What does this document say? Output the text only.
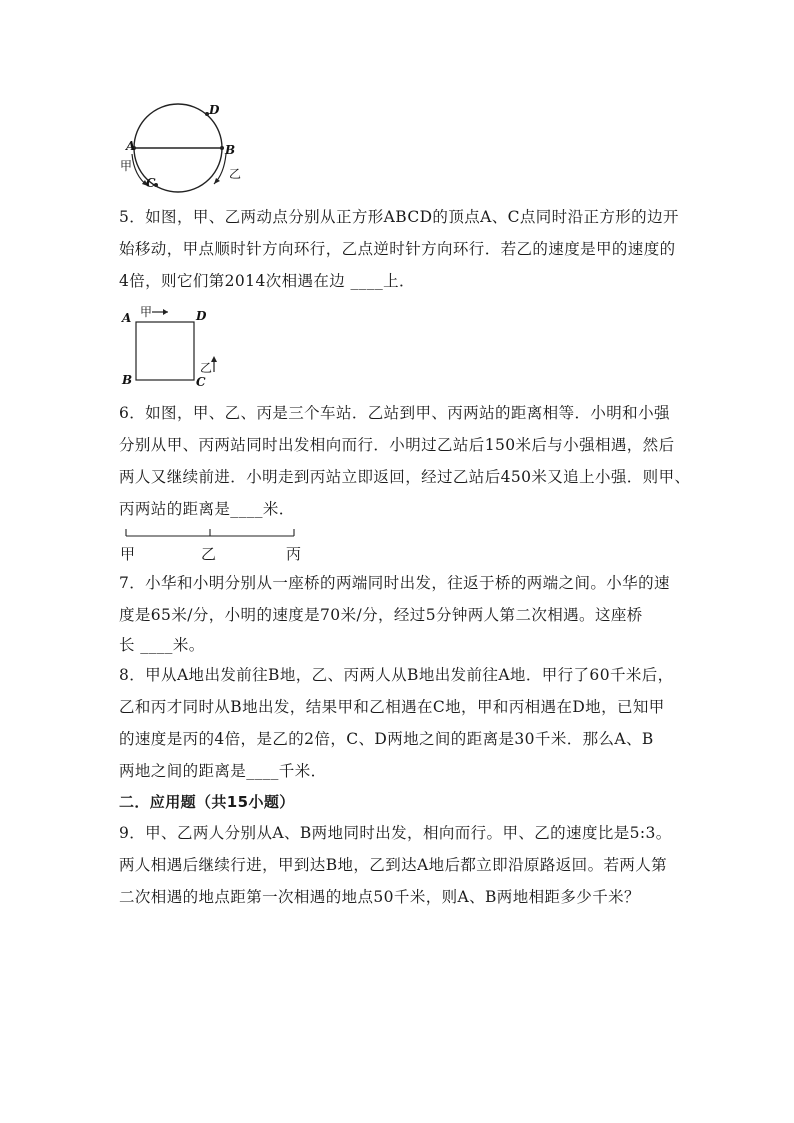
A	B
C
D
甲
乙
5．如图，甲、乙两动点分别从正方形ABCD的顶点A、C点同时沿正方形的边开
始移动，甲点顺时针方向环行，乙点逆时针方向环行．若乙的速度是甲的速度的
4倍，则它们第2014次相遇在边 ____上．
A	D
B	C
甲
乙
6．如图，甲、乙、丙是三个车站．乙站到甲、丙两站的距离相等．小明和小强
分别从甲、丙两站同时出发相向而行．小明过乙站后150米后与小强相遇，然后
两人又继续前进．小明走到丙站立即返回，经过乙站后450米又追上小强．则甲、
丙两站的距离是____米．
甲	乙	丙
7．小华和小明分别从一座桥的两端同时出发，往返于桥的两端之间。小华的速
度是65米/分，小明的速度是70米/分，经过5分钟两人第二次相遇。这座桥
长 ____米。
8．甲从A地出发前往B地，乙、丙两人从B地出发前往A地．甲行了60千米后，
乙和丙才同时从B地出发，结果甲和乙相遇在C地，甲和丙相遇在D地，已知甲
的速度是丙的4倍，是乙的2倍，C、D两地之间的距离是30千米．那么A、B
两地之间的距离是____千米．
二．应用题（共15小题）
9．甲、乙两人分别从A、B两地同时出发，相向而行。甲、乙的速度比是5:3。
两人相遇后继续行进，甲到达B地，乙到达A地后都立即沿原路返回。若两人第
二次相遇的地点距第一次相遇的地点50千米，则A、B两地相距多少千米？
